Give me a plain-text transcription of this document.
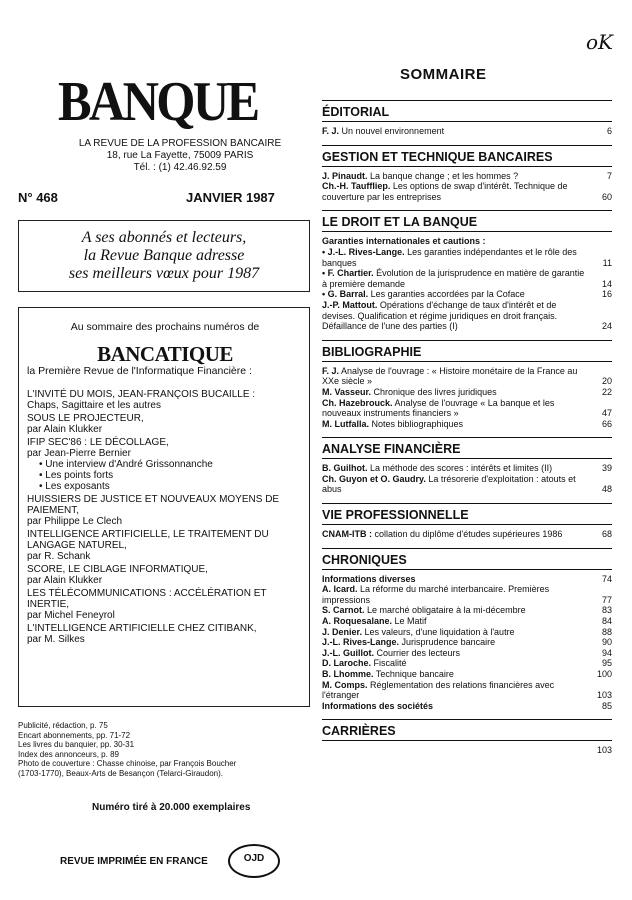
oK
BANQUE
LA REVUE DE LA PROFESSION BANCAIRE
18, rue La Fayette, 75009 PARIS
Tél. : (1) 42.46.92.59
N° 468	JANVIER 1987
A ses abonnés et lecteurs,
la Revue Banque adresse
ses meilleurs vœux pour 1987
Au sommaire des prochains numéros de
BANCATIQUE
la Première Revue de l'Informatique Financière :
L'INVITÉ DU MOIS, JEAN-FRANÇOIS BUCAILLE :
Chaps, Sagittaire et les autres
SOUS LE PROJECTEUR,
par Alain Klukker
IFIP SEC'86 : LE DÉCOLLAGE,
par Jean-Pierre Bernier
• Une interview d'André Grissonnanche
• Les points forts
• Les exposants
HUISSIERS DE JUSTICE ET NOUVEAUX MOYENS DE PAIEMENT,
par Philippe Le Clech
INTELLIGENCE ARTIFICIELLE, LE TRAITEMENT DU LANGAGE NATUREL,
par R. Schank
SCORE, LE CIBLAGE INFORMATIQUE,
par Alain Klukker
LES TÉLÉCOMMUNICATIONS : ACCÉLÉRATION ET INERTIE,
par Michel Feneyrol
L'INTELLIGENCE ARTIFICIELLE CHEZ CITIBANK,
par M. Silkes
Publicité, rédaction, p. 75
Encart abonnements, pp. 71-72
Les livres du banquier, pp. 30-31
Index des annonceurs, p. 89
Photo de couverture : Chasse chinoise, par François Boucher
(1703-1770), Beaux-Arts de Besançon (Telarci-Giraudon).
Numéro tiré à 20.000 exemplaires
REVUE IMPRIMÉE EN FRANCE	OJD
SOMMAIRE
ÉDITORIAL
F. J. Un nouvel environnement	6
GESTION ET TECHNIQUE BANCAIRES
J. Pinaudt. La banque change ; et les hommes ?	7
Ch.-H. Tauffliep. Les options de swap d'intérêt. Technique de couverture par les entreprises	60
LE DROIT ET LA BANQUE
Garanties internationales et cautions :
• J.-L. Rives-Lange. Les garanties indépendantes et le rôle des banques	11
• F. Chartier. Évolution de la jurisprudence en matière de garantie à première demande	14
• G. Barral. Les garanties accordées par la Coface	16
J.-P. Mattout. Opérations d'échange de taux d'intérêt et de devises. Qualification et régime juridiques en droit français. Défaillance de l'une des parties (I)	24
BIBLIOGRAPHIE
F. J. Analyse de l'ouvrage : « Histoire monétaire de la France au XXe siècle »	20
M. Vasseur. Chronique des livres juridiques	22
Ch. Hazebrouck. Analyse de l'ouvrage « La banque et les nouveaux instruments financiers »	47
M. Lutfalla. Notes bibliographiques	66
ANALYSE FINANCIÈRE
B. Guilhot. La méthode des scores : intérêts et limites (II)	39
Ch. Guyon et O. Gaudry. La trésorerie d'exploitation : atouts et abus	48
VIE PROFESSIONNELLE
CNAM-ITB : collation du diplôme d'études supérieures 1986	68
CHRONIQUES
Informations diverses	74
A. Icard. La réforme du marché interbancaire. Premières impressions	77
S. Carnot. Le marché obligataire à la mi-décembre	83
A. Roquesalane. Le Matif	84
J. Denier. Les valeurs, d'une liquidation à l'autre	88
J.-L. Rives-Lange. Jurisprudence bancaire	90
J.-L. Guillot. Courrier des lecteurs	94
D. Laroche. Fiscalité	95
B. Lhomme. Technique bancaire	100
M. Comps. Réglementation des relations financières avec l'étranger	103
Informations des sociétés	85
CARRIÈRES
103
